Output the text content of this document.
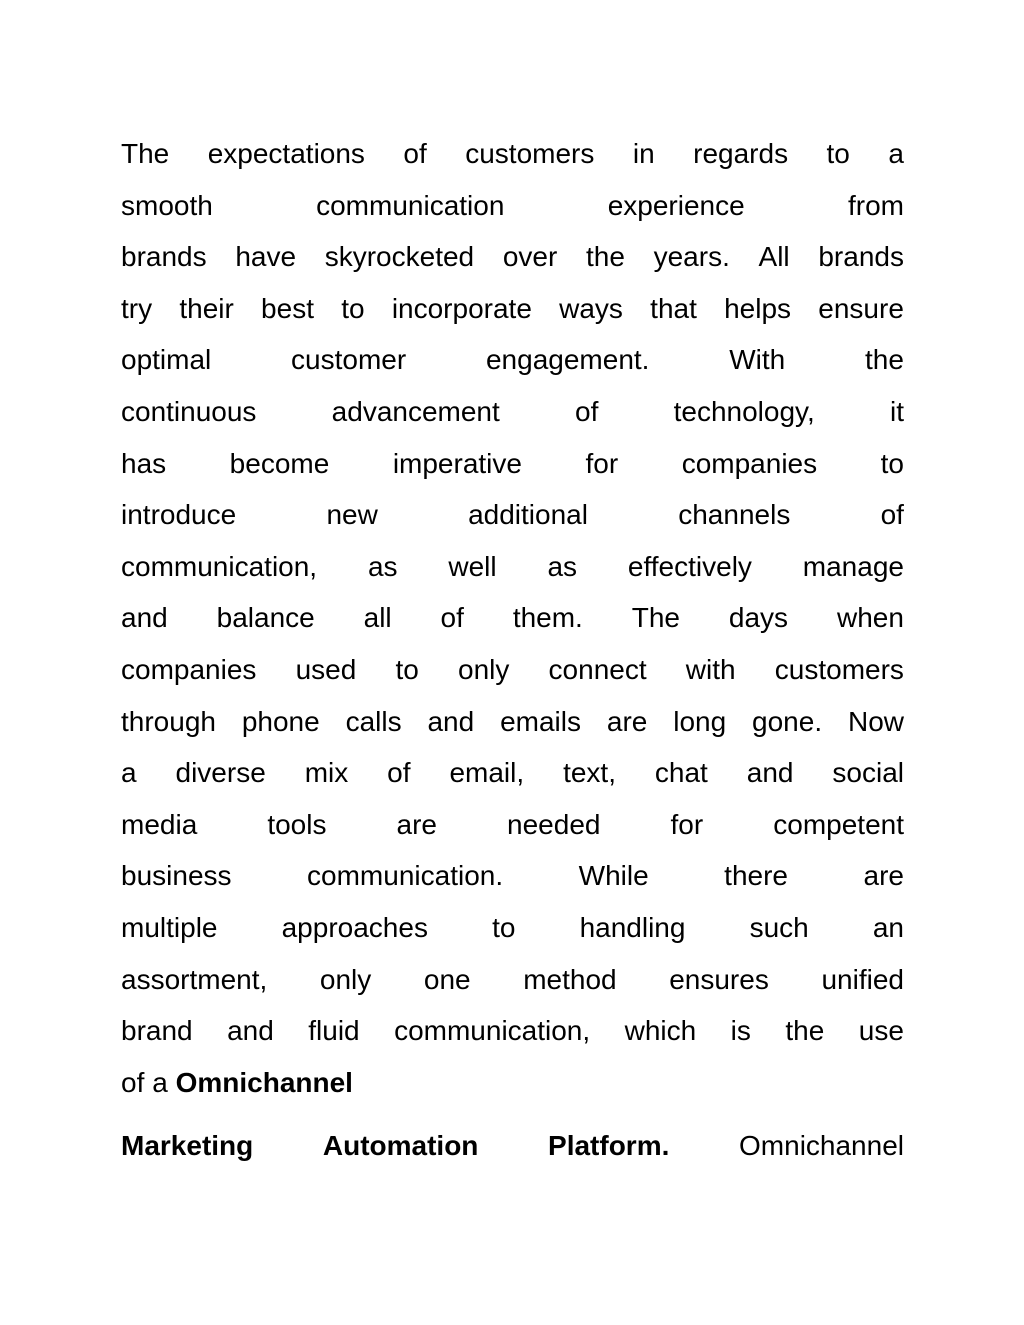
The expectations of customers in regards to a
smooth	communication	experience	from
brands have skyrocketed over the years. All brands
try their best to incorporate ways that helps ensure
optimal	customer	engagement.	With	the
continuous	advancement	of	technology,	it
has become imperative for companies to
introduce	new	additional	channels	of
communication, as well as effectively manage
and balance all of them. The days when
companies used to only connect with customers
through phone calls and emails are long gone. Now
a diverse mix of email, text, chat and social
media	tools	are	needed	for	competent
business	communication.	While	there	are
multiple approaches to handling such an
assortment, only one method ensures unified
brand and fluid communication, which is the use
of a Omnichannel
Marketing Automation Platform. Omnichannel
